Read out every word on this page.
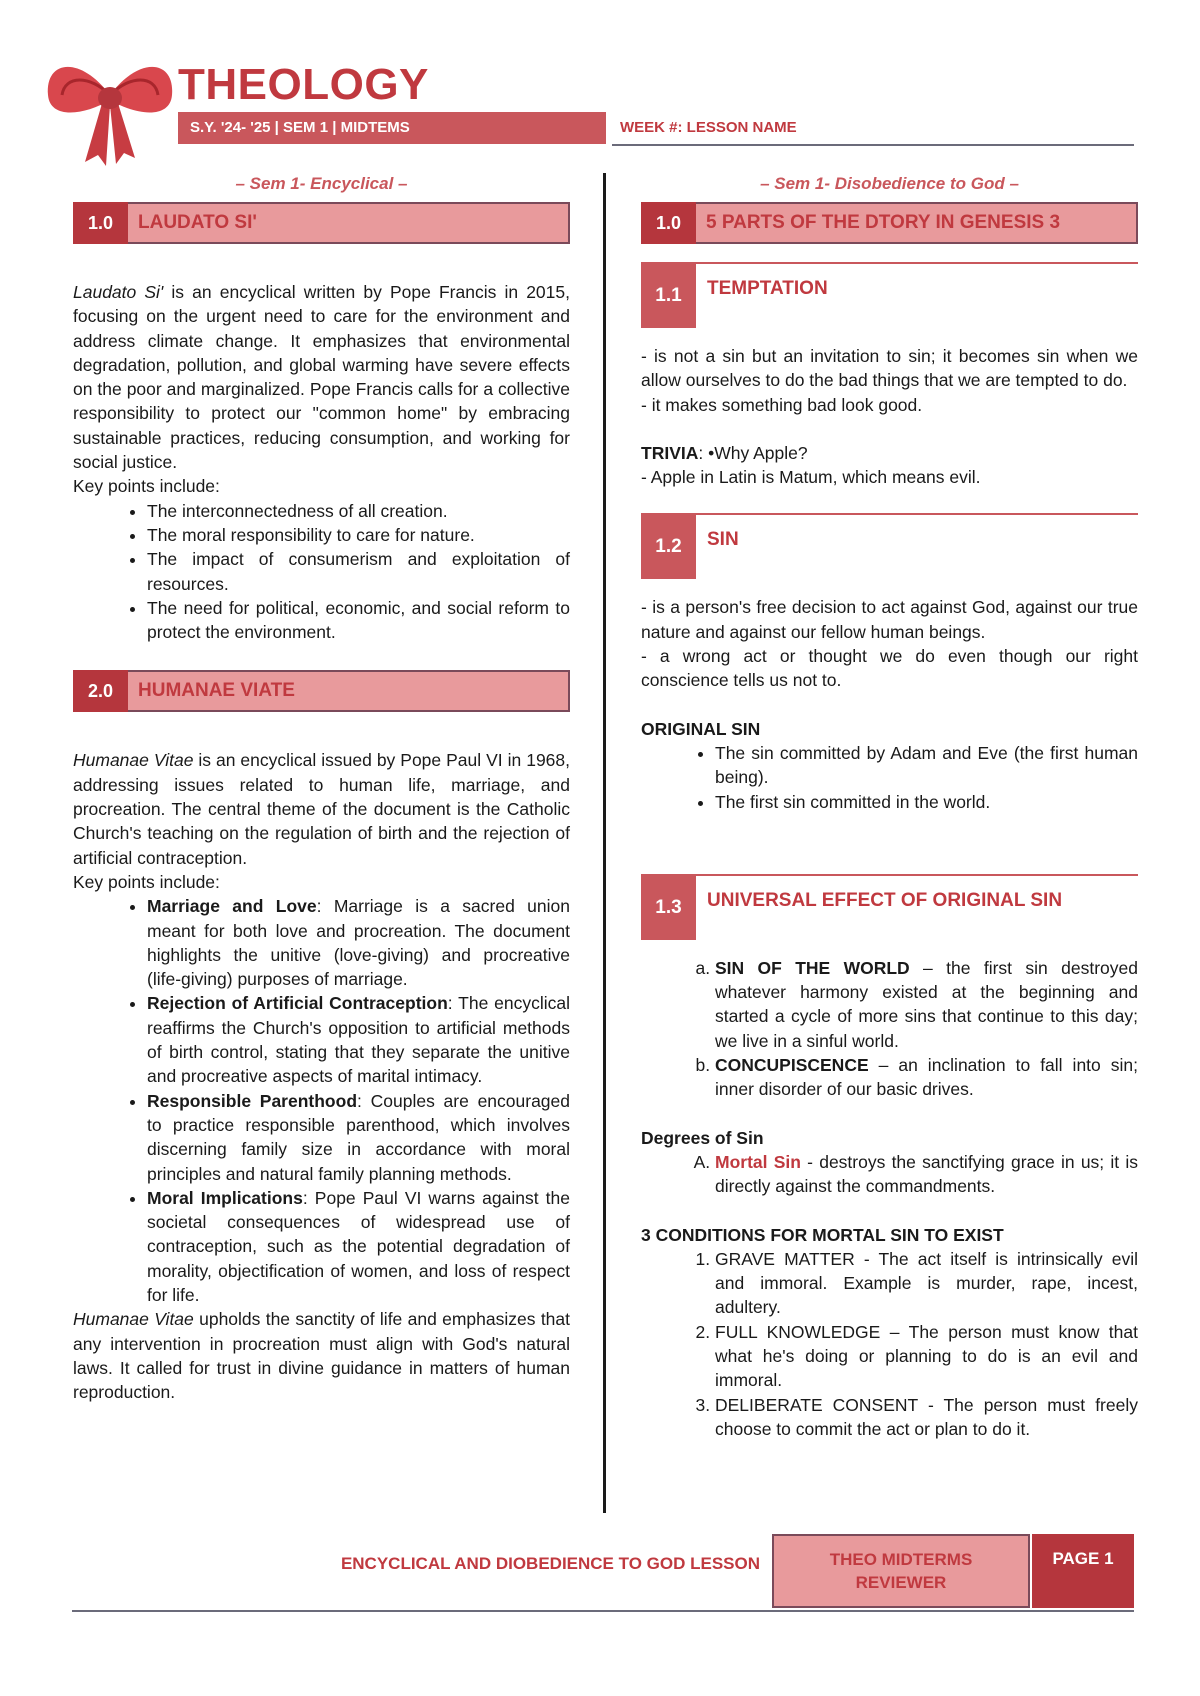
THEOLOGY
S.Y. '24- '25 | SEM 1 | MIDTEMS	WEEK #: LESSON NAME
– Sem 1- Encyclical –
1.0	LAUDATO SI'

Laudato Si' is an encyclical written by Pope Francis in 2015, focusing on the urgent need to care for the environment and address climate change. It emphasizes that environmental degradation, pollution, and global warming have severe effects on the poor and marginalized. Pope Francis calls for a collective responsibility to protect our "common home" by embracing sustainable practices, reducing consumption, and working for social justice.

Key points include:

• The interconnectedness of all creation.
• The moral responsibility to care for nature.
• The impact of consumerism and exploitation of resources.
• The need for political, economic, and social reform to protect the environment.
2.0	HUMANAE VIATE

Humanae Vitae is an encyclical issued by Pope Paul VI in 1968, addressing issues related to human life, marriage, and procreation. The central theme of the document is the Catholic Church's teaching on the regulation of birth and the rejection of artificial contraception.

Key points include:

• Marriage and Love: Marriage is a sacred union meant for both love and procreation. The document highlights the unitive (love-giving) and procreative (life-giving) purposes of marriage.
• Rejection of Artificial Contraception: The encyclical reaffirms the Church's opposition to artificial methods of birth control, stating that they separate the unitive and procreative aspects of marital intimacy.
• Responsible Parenthood: Couples are encouraged to practice responsible parenthood, which involves discerning family size in accordance with moral principles and natural family planning methods.
• Moral Implications: Pope Paul VI warns against the societal consequences of widespread use of contraception, such as the potential degradation of morality, objectification of women, and loss of respect for life.

Humanae Vitae upholds the sanctity of life and emphasizes that any intervention in procreation must align with God's natural laws. It called for trust in divine guidance in matters of human reproduction.

– Sem 1- Disobedience to God –
1.0	5 PARTS OF THE DTORY IN GENESIS 3
1.1	TEMPTATION

- is not a sin but an invitation to sin; it becomes sin when we allow ourselves to do the bad things that we are tempted to do.

- it makes something bad look good.

TRIVIA: •Why Apple?

- Apple in Latin is Matum, which means evil.

1.2	SIN

- is a person's free decision to act against God, against our true nature and against our fellow human beings.

- a wrong act or thought we do even though our right conscience tells us not to.

ORIGINAL SIN

• The sin committed by Adam and Eve (the first human being).
• The first sin committed in the world.
1.3	UNIVERSAL EFFECT OF ORIGINAL SIN
a. SIN OF THE WORLD – the first sin destroyed whatever harmony existed at the beginning and started a cycle of more sins that continue to this day; we live in a sinful world.
b. CONCUPISCENCE – an inclination to fall into sin; inner disorder of our basic drives.

Degrees of Sin

A. Mortal Sin - destroys the sanctifying grace in us; it is directly against the commandments.

3 CONDITIONS FOR MORTAL SIN TO EXIST

1. GRAVE MATTER - The act itself is intrinsically evil and immoral. Example is murder, rape, incest, adultery.
2. FULL KNOWLEDGE – The person must know that what he's doing or planning to do is an evil and immoral.
3. DELIBERATE CONSENT - The person must freely choose to commit the act or plan to do it.
ENCYCLICAL AND DIOBEDIENCE TO GOD LESSON	THEO MIDTERMS
REVIEWER
PAGE 1
